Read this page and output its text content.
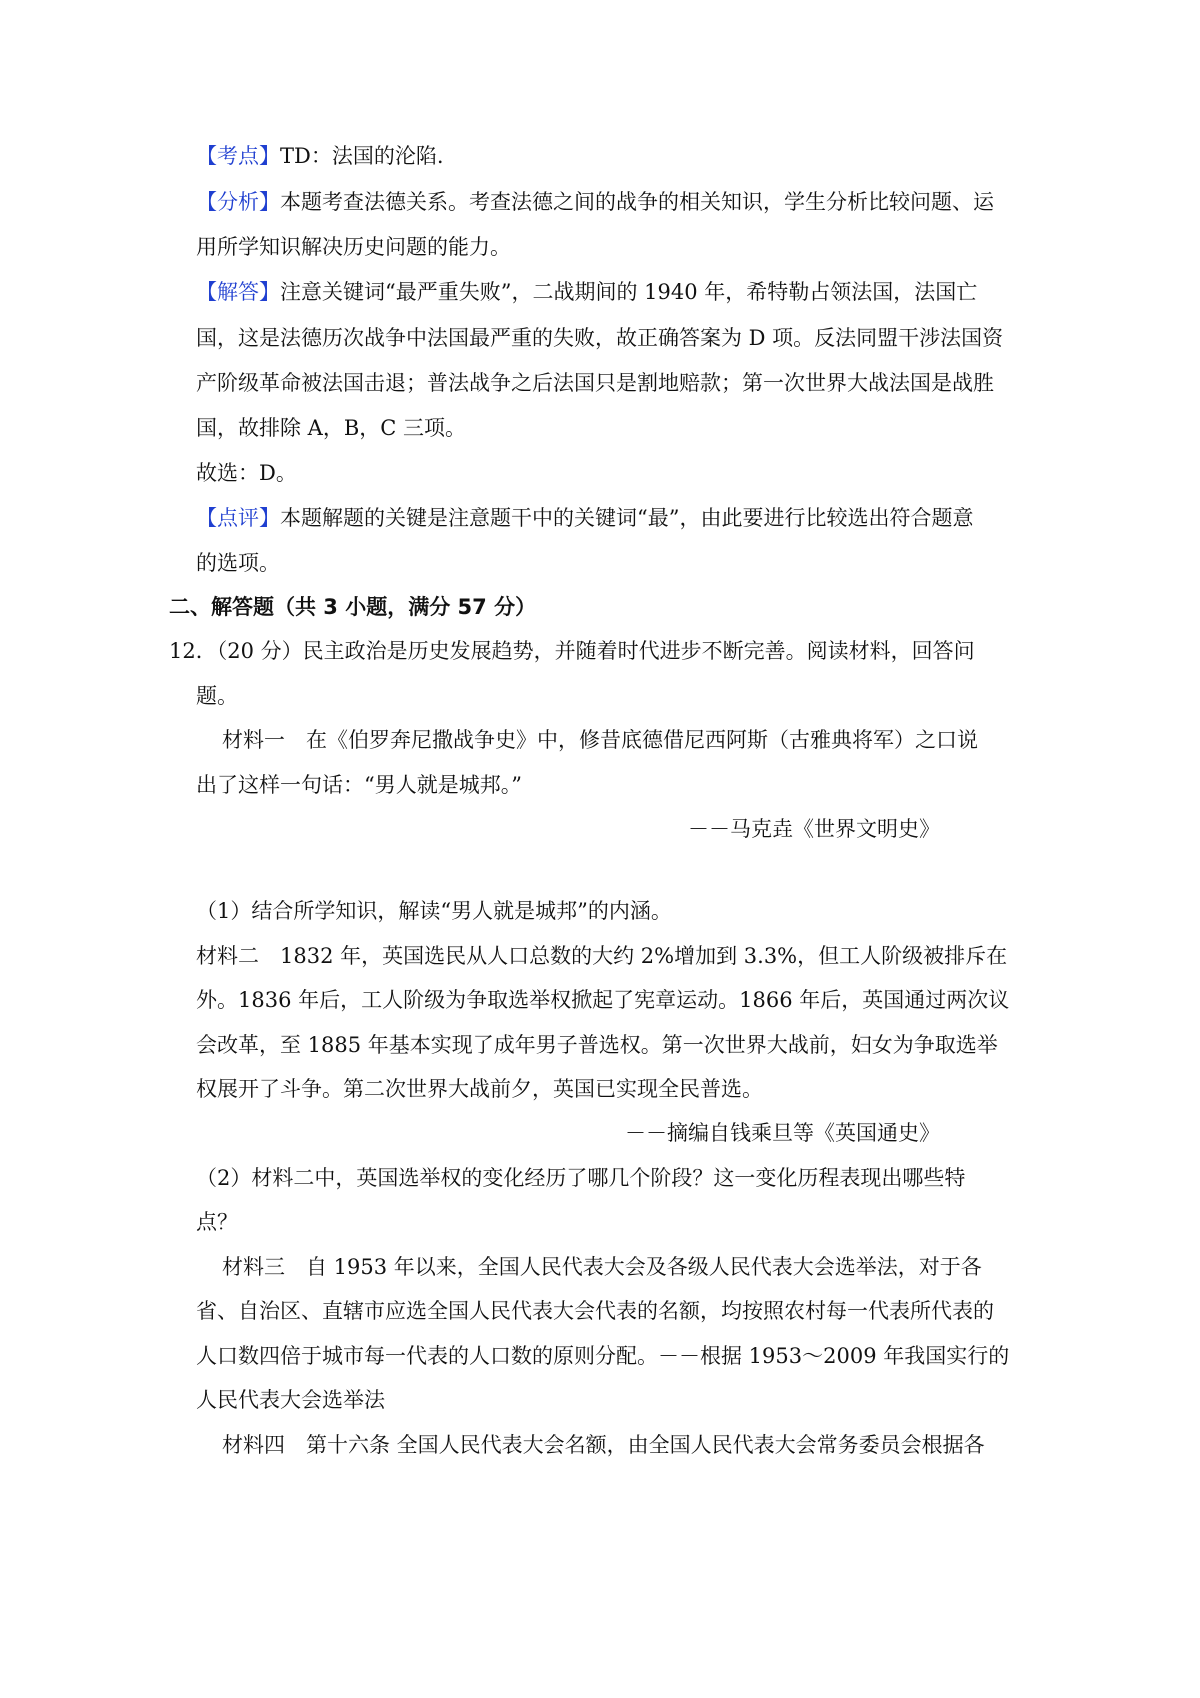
【考点】TD：法国的沦陷.
【分析】本题考查法德关系。考查法德之间的战争的相关知识，学生分析比较问题、运
用所学知识解决历史问题的能力。
【解答】注意关键词“最严重失败”，二战期间的 1940 年，希特勒占领法国，法国亡
国，这是法德历次战争中法国最严重的失败，故正确答案为 D 项。反法同盟干涉法国资
产阶级革命被法国击退；普法战争之后法国只是割地赔款；第一次世界大战法国是战胜
国，故排除 A，B，C 三项。
故选：D。
【点评】本题解题的关键是注意题干中的关键词“最”，由此要进行比较选出符合题意
的选项。
二、解答题（共 3 小题，满分 57 分）
12．（20 分）民主政治是历史发展趋势，并随着时代进步不断完善。阅读材料，回答问
题。
材料一　在《伯罗奔尼撒战争史》中，修昔底德借尼西阿斯（古雅典将军）之口说
出了这样一句话：“男人就是城邦。”
－－马克垚《世界文明史》
（1）结合所学知识，解读“男人就是城邦”的内涵。
材料二　1832 年，英国选民从人口总数的大约 2%增加到 3.3%，但工人阶级被排斥在
外。1836 年后，工人阶级为争取选举权掀起了宪章运动。1866 年后，英国通过两次议
会改革，至 1885 年基本实现了成年男子普选权。第一次世界大战前，妇女为争取选举
权展开了斗争。第二次世界大战前夕，英国已实现全民普选。
－－摘编自钱乘旦等《英国通史》
（2）材料二中，英国选举权的变化经历了哪几个阶段？这一变化历程表现出哪些特
点？
材料三　自 1953 年以来，全国人民代表大会及各级人民代表大会选举法，对于各
省、自治区、直辖市应选全国人民代表大会代表的名额，均按照农村每一代表所代表的
人口数四倍于城市每一代表的人口数的原则分配。－－根据 1953～2009 年我国实行的
人民代表大会选举法
材料四　第十六条 全国人民代表大会名额，由全国人民代表大会常务委员会根据各
